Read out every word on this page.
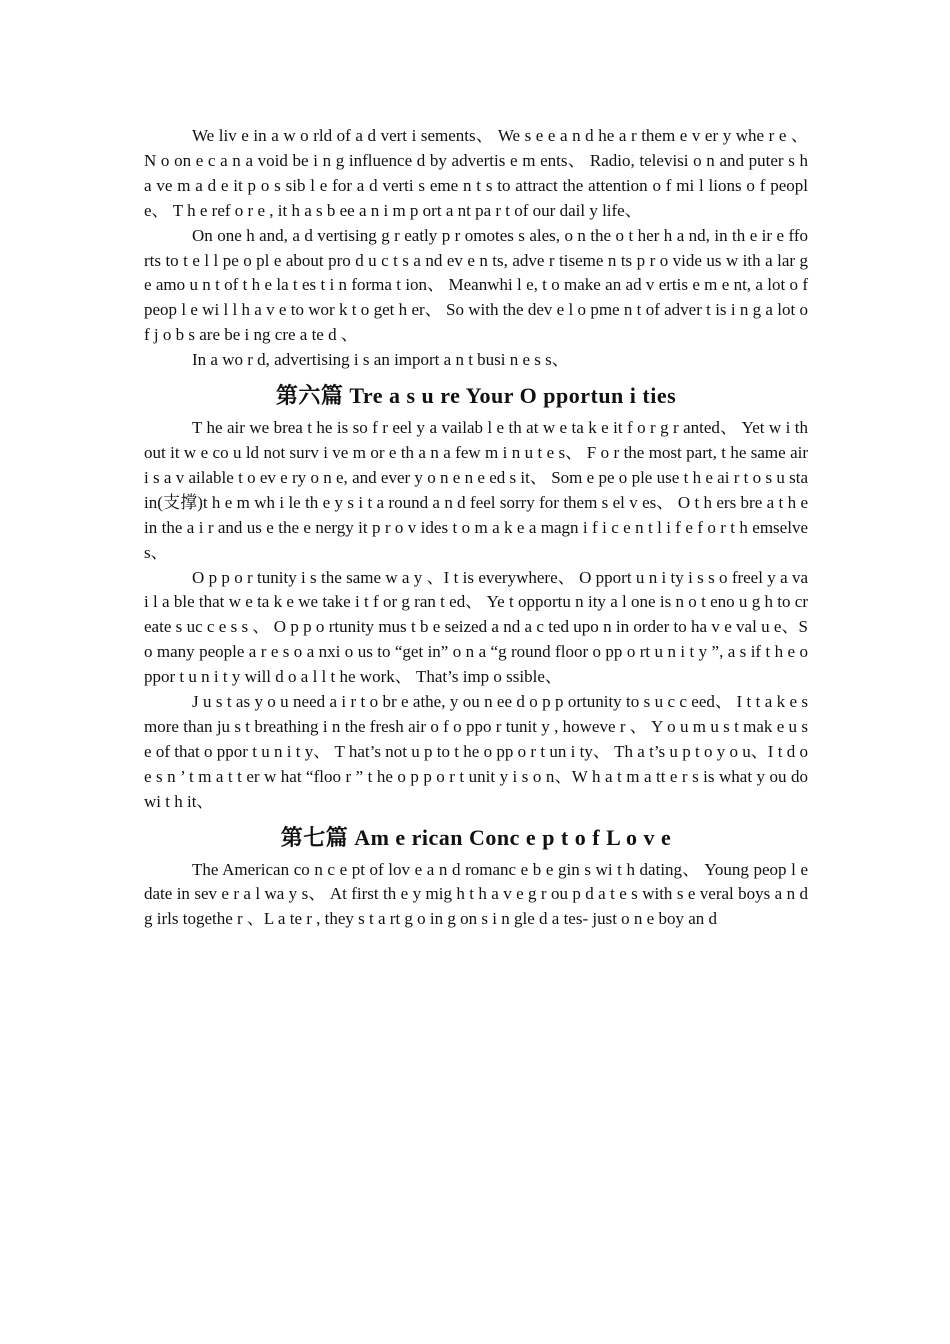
We liv e in a w o rld of a d vert i sements、 We s e e a n d he a r them e v er y whe r e 、 N o on e c a n a void be i n g influence d by advertis e m ents、 Radio, televisi o n and puter s h a ve m a d e it p o s sib l e for a d verti s eme n t s to attract the attention o f mi l lions o f people、 T h e ref o r e , it h a s b ee a n i m p ort a nt pa r t of our dail y life、

On one h and, a d vertising g r eatly p r omotes s ales, o n the o t her h a nd, in th e ir e fforts to t e l l pe o pl e about pro d u c t s a nd ev e n ts, adve r tiseme n ts p r o vide us w ith a lar g e amo u n t of t h e la t es t i n forma t ion、 Meanwhi l e, t o make an ad v ertis e m e nt, a lot o f peop l e wi l l h a v e to wor k t o get h er、 So with the dev e l o pme n t of adver t is i n g a lot of j o b s are be i ng cre a te d 、

In a wo r d, advertising i s an import a n t busi n e s s、

第六篇 Tre a s u re Your O pportun i ties

T he air we brea t he is so f r eel y a vailab l e th at w e ta k e it f o r g r anted、 Yet w i thout it w e co u ld not surv i ve m or e th a n a few m i n u t e s、 F o r the most part, t he same air i s a v ailable t o ev e ry o n e, and ever y o n e n e ed s it、 Som e pe o ple use t h e ai r t o s u stain(支撑)t h e m wh i le th e y s i t a round a n d feel sorry for them s el v es、 O t h ers bre a t h e in the a i r and us e the e nergy it p r o v ides t o m a k e a magn i f i c e n t l i f e f o r t h emselves、

O p p o r tunity i s the same w a y 、I t is everywhere、 O pport u n i ty i s s o freel y a va i l a ble that w e ta k e we take i t f or g ran t ed、 Ye t opportu n ity a l one is n o t eno u g h to create s uc c e s s 、 O p p o rtunity mus t b e seized a nd a c ted upo n in order to ha v e val u e、S o many people a r e s o a nxi o us to “get in” o n a “g round floor o pp o rt u n i t y ”, a s if t h e oppor t u n i t y will d o a l l t he work、 That’s imp o ssible、

J u s t as y o u need a i r t o br e athe, y ou n ee d o p p ortunity to s u c c eed、 I t t a k e s more than ju s t breathing i n the fresh air o f o ppo r tunit y , howeve r 、 Y o u m u s t mak e u se of that o ppor t u n i t y、 T hat’s not u p to t he o pp o r t un i ty、 Th a t’s u p t o y o u、I t d o e s n ’ t m a t t er w hat “floo r ” t he o p p o r t unit y i s o n、W h a t m a tt e r s is what y ou do wi t h it、

第七篇 Am e rican Conc e p t o f L o v e

The American co n c e pt of lov e a n d romanc e b e gin s wi t h dating、 Young peop l e date in sev e r a l wa y s、 At first th e y mig h t h a v e g r ou p d a t e s with s e veral boys a n d g irls togethe r 、L a te r , they s t a rt g o in g on s i n gle d a tes- just o n e boy an d
